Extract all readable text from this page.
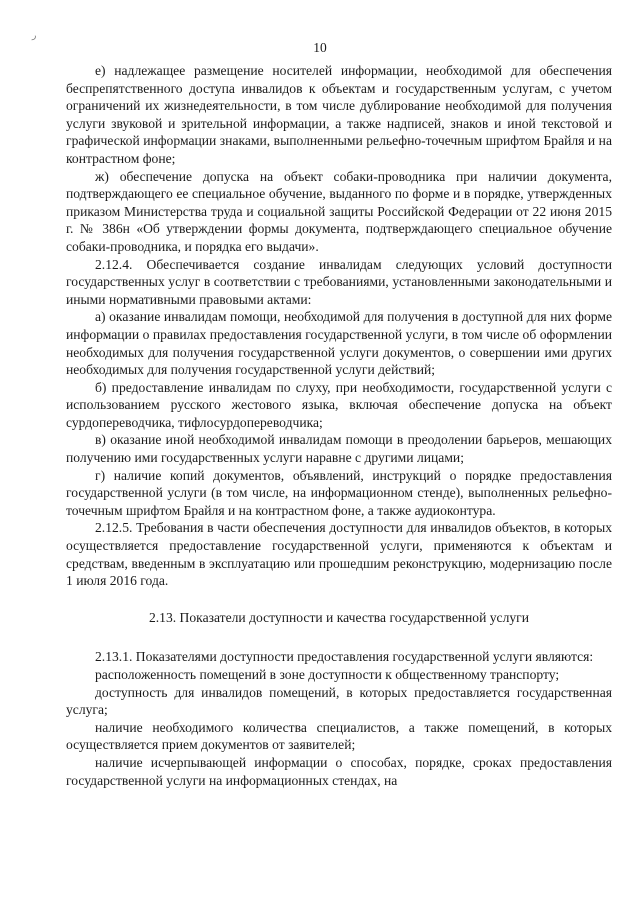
10
ر

е) надлежащее размещение носителей информации, необходимой для обеспечения беспрепятственного доступа инвалидов к объектам и государственным услугам, с учетом ограничений их жизнедеятельности, в том числе дублирование необходимой для получения услуги звуковой и зрительной информации, а также надписей, знаков и иной текстовой и графической информации знаками, выполненными рельефно-точечным шрифтом Брайля и на контрастном фоне;

ж) обеспечение допуска на объект собаки-проводника при наличии документа, подтверждающего ее специальное обучение, выданного по форме и в порядке, утвержденных приказом Министерства труда и социальной защиты Российской Федерации от 22 июня 2015 г. № 386н «Об утверждении формы документа, подтверждающего специальное обучение собаки-проводника, и порядка его выдачи».

2.12.4. Обеспечивается создание инвалидам следующих условий доступности государственных услуг в соответствии с требованиями, установленными законодательными и иными нормативными правовыми актами:

а) оказание инвалидам помощи, необходимой для получения в доступной для них форме информации о правилах предоставления государственной услуги, в том числе об оформлении необходимых для получения государственной услуги документов, о совершении ими других необходимых для получения государственной услуги действий;

б) предоставление инвалидам по слуху, при необходимости, государственной услуги с использованием русского жестового языка, включая обеспечение допуска на объект сурдопереводчика, тифлосурдопереводчика;

в) оказание иной необходимой инвалидам помощи в преодолении барьеров, мешающих получению ими государственных услуги наравне с другими лицами;

г) наличие копий документов, объявлений, инструкций о порядке предоставления государственной услуги (в том числе, на информационном стенде), выполненных рельефно-точечным шрифтом Брайля и на контрастном фоне, а также аудиоконтура.

2.12.5. Требования в части обеспечения доступности для инвалидов объектов, в которых осуществляется предоставление государственной услуги, применяются к объектам и средствам, введенным в эксплуатацию или прошедшим реконструкцию, модернизацию после 1 июля 2016 года.

2.13. Показатели доступности и качества государственной услуги

2.13.1. Показателями доступности предоставления государственной услуги являются:

расположенность помещений в зоне доступности к общественному транспорту;

доступность для инвалидов помещений, в которых предоставляется государственная услуга;

наличие необходимого количества специалистов, а также помещений, в которых осуществляется прием документов от заявителей;

наличие исчерпывающей информации о способах, порядке, сроках предоставления государственной услуги на информационных стендах, на
